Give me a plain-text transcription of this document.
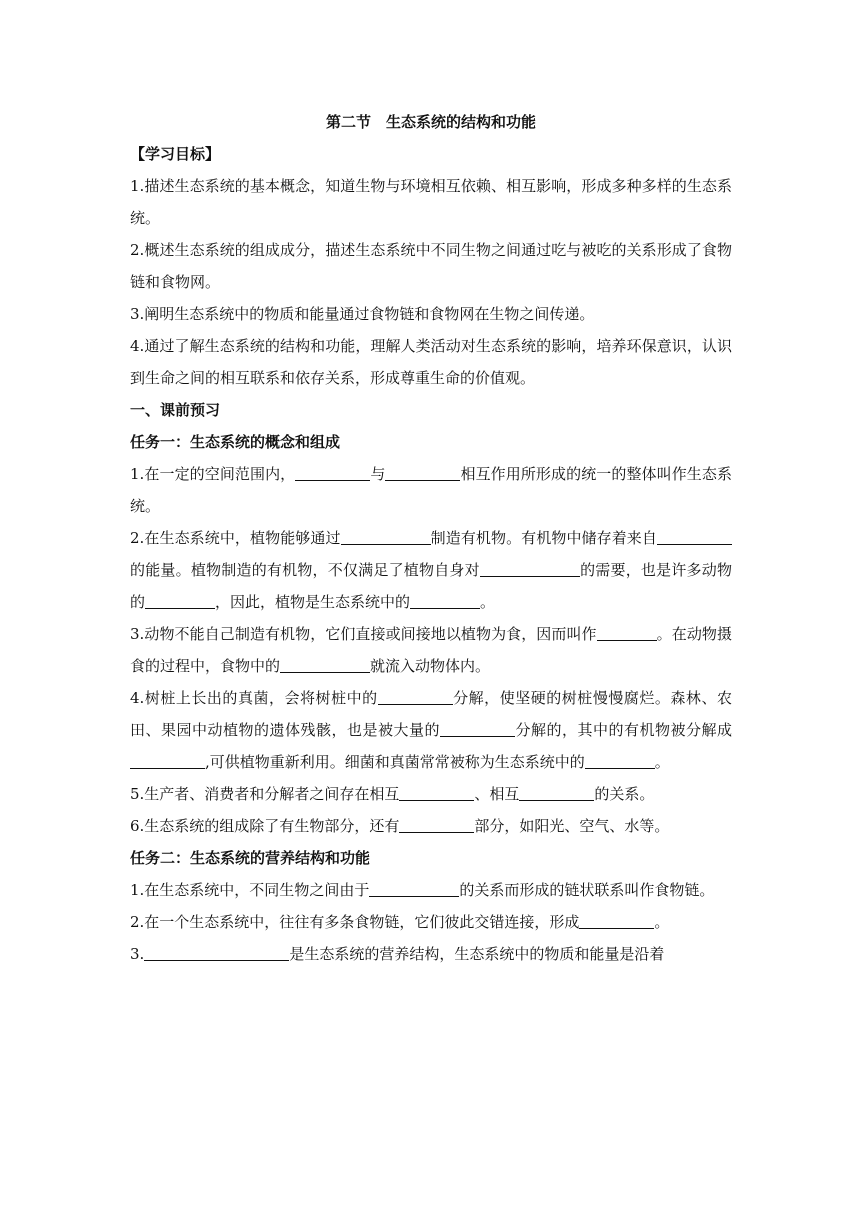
第二节　生态系统的结构和功能

【学习目标】

1.描述生态系统的基本概念，知道生物与环境相互依赖、相互影响，形成多种多样的生态系统。

2.概述生态系统的组成成分，描述生态系统中不同生物之间通过吃与被吃的关系形成了食物链和食物网。

3.阐明生态系统中的物质和能量通过食物链和食物网在生物之间传递。

4.通过了解生态系统的结构和功能，理解人类活动对生态系统的影响，培养环保意识，认识到生命之间的相互联系和依存关系，形成尊重生命的价值观。

一、课前预习

任务一：生态系统的概念和组成

1.在一定的空间范围内，	与	相互作用所形成的统一的整体叫作生态系统。

2.在生态系统中，植物能够通过	制造有机物。有机物中储存着来自的能量。植物制造的有机物，不仅满足了植物自身对	的需要，也是许多动物的	，因此，植物是生态系统中的	。

3.动物不能自己制造有机物，它们直接或间接地以植物为食，因而叫作	。在动物摄食的过程中，食物中的	就流入动物体内。

4.树桩上长出的真菌，会将树桩中的	分解，使坚硬的树桩慢慢腐烂。森林、农田、果园中动植物的遗体残骸，也是被大量的	分解的，其中的有机物被分解成,可供植物重新利用。细菌和真菌常常被称为生态系统中的	。

5.生产者、消费者和分解者之间存在相互	、相互	的关系。

6.生态系统的组成除了有生物部分，还有	部分，如阳光、空气、水等。

任务二：生态系统的营养结构和功能

1.在生态系统中，不同生物之间由于	的关系而形成的链状联系叫作食物链。

2.在一个生态系统中，往往有多条食物链，它们彼此交错连接，形成	。

3.	是生态系统的营养结构，生态系统中的物质和能量是沿着
